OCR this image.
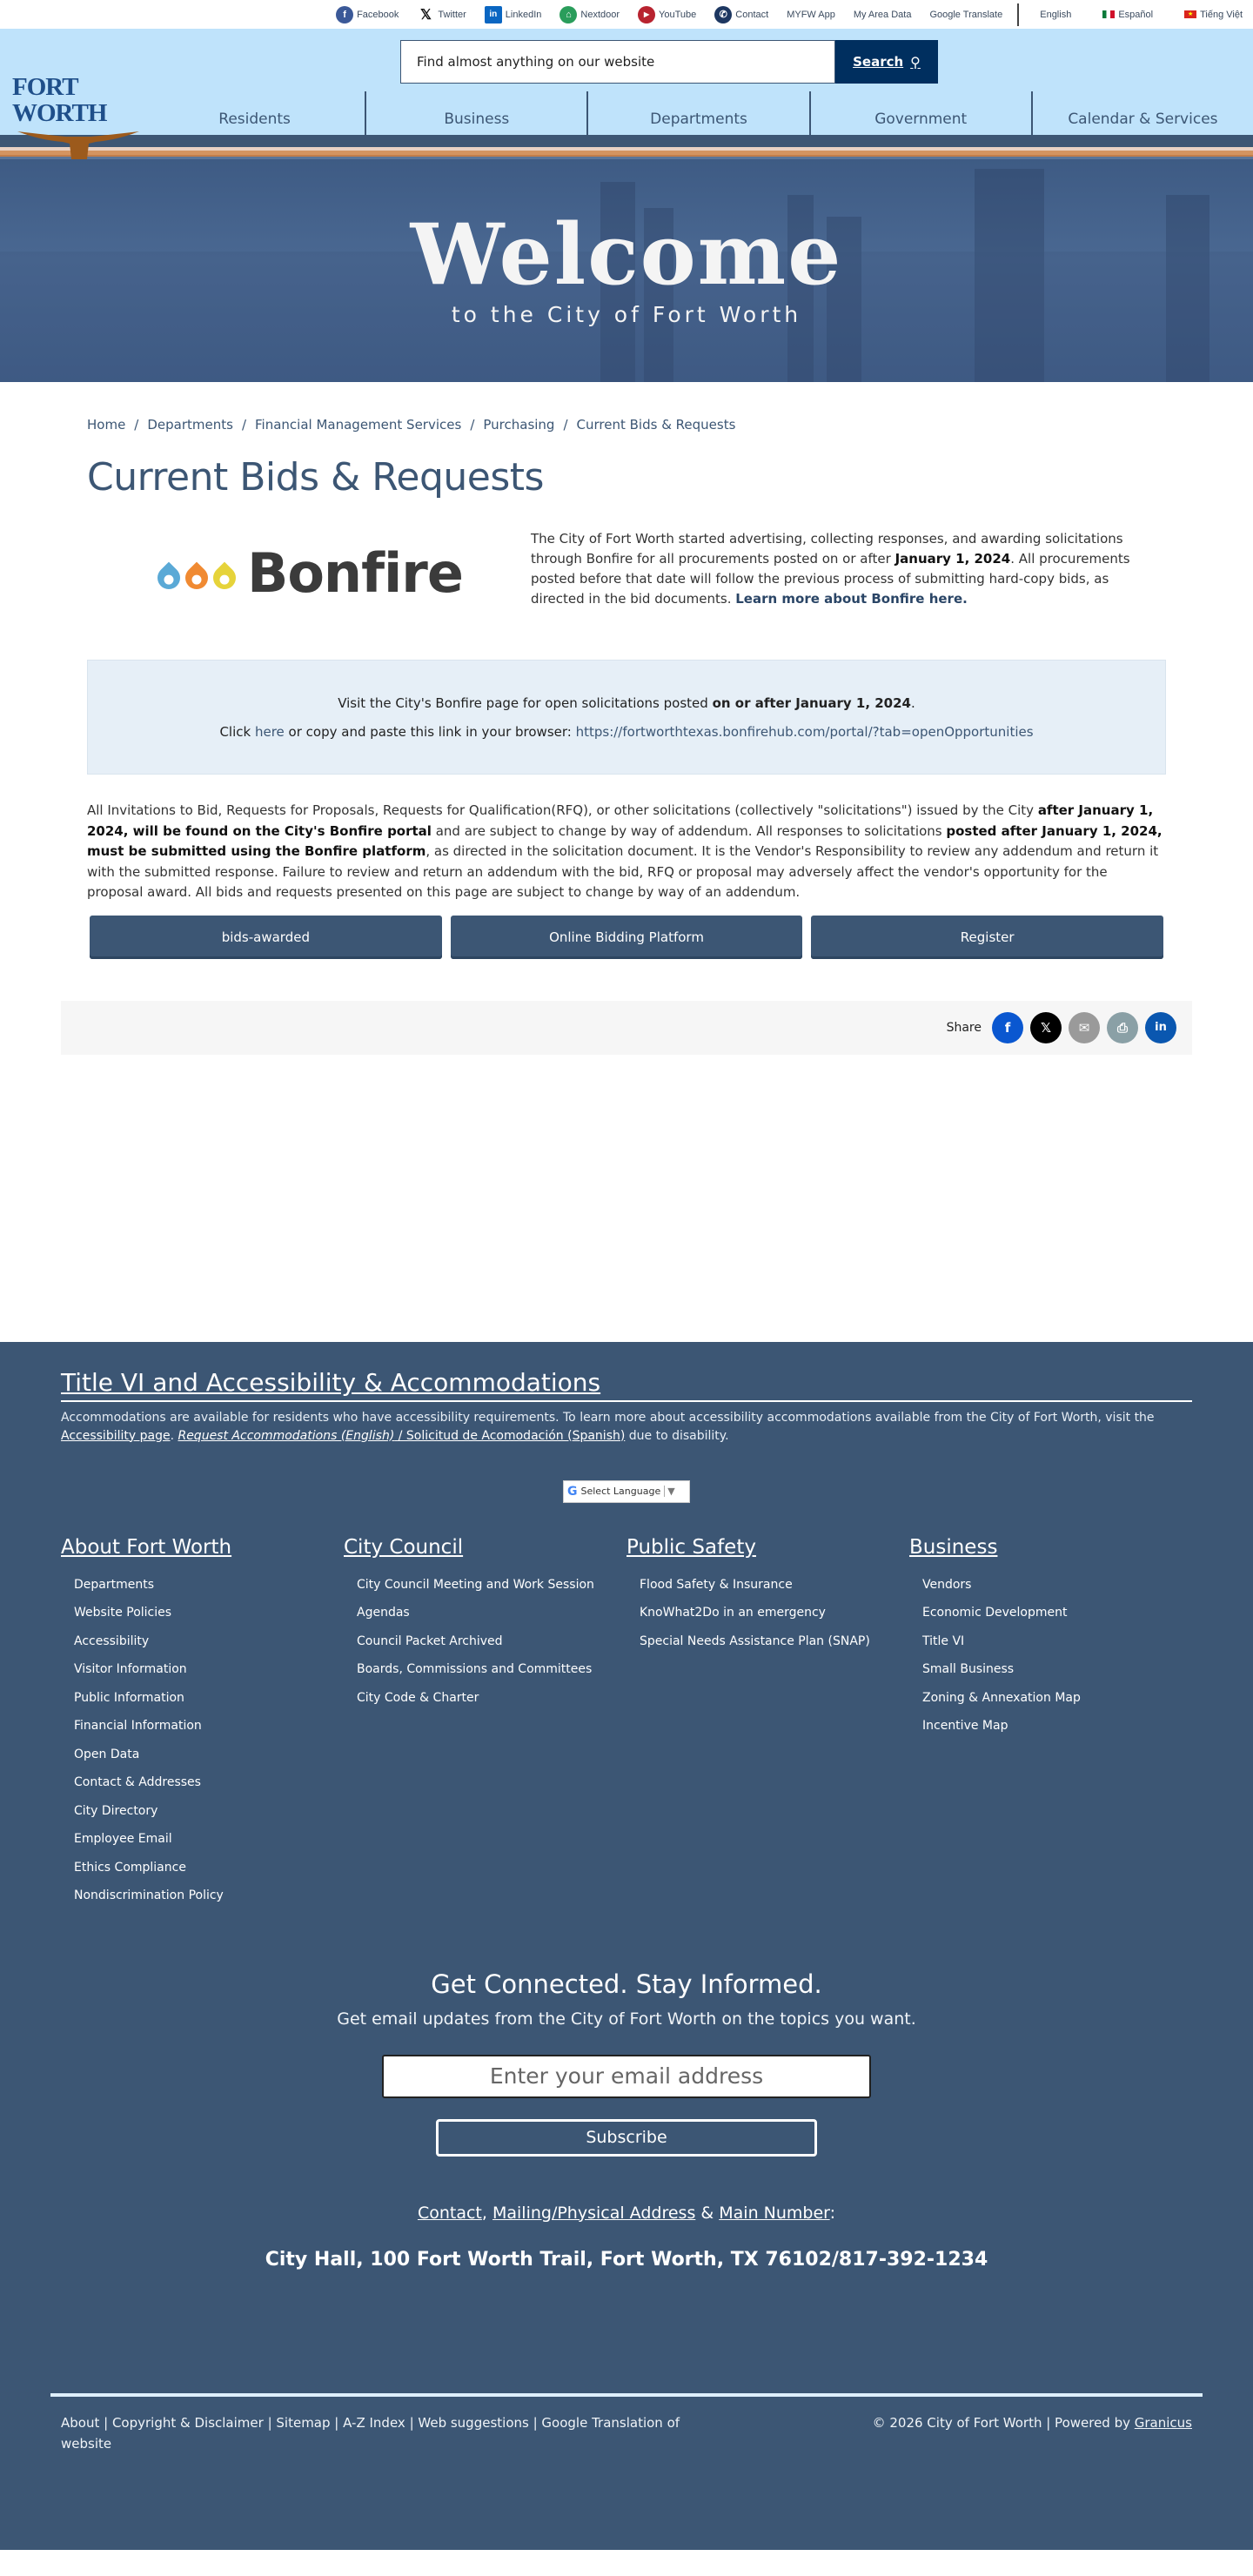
f	Facebook 𝕏 Twitter	in LinkedIn	⌂ Nextdoor	▶ YouTube	✆ Contact MYFW App My Area Data Google Translate	English	Español	★ Tiếng Việt
FORT WORTH
Find almost anything on our website
Search ⚲
Residents	Business	Departments	Government	Calendar & Services
Welcome
to the City of Fort Worth
Home / Departments / Financial Management Services / Purchasing / Current Bids & Requests
Current Bids & Requests
Bonfire

The City of Fort Worth started advertising, collecting responses, and awarding solicitations through Bonfire for all procurements posted on or after January 1, 2024. All procurements posted before that date will follow the previous process of submitting hard-copy bids, as directed in the bid documents. Learn more about Bonfire here.

Visit the City's Bonfire page for open solicitations posted on or after January 1, 2024.
Click here or copy and paste this link in your browser: https://fortworthtexas.bonfirehub.com/portal/?tab=openOpportunities

All Invitations to Bid, Requests for Proposals, Requests for Qualification(RFQ), or other solicitations (collectively "solicitations") issued by the City after January 1, 2024, will be found on the City's Bonfire portal and are subject to change by way of addendum. All responses to solicitations posted after January 1, 2024, must be submitted using the Bonfire platform, as directed in the solicitation document. It is the Vendor's Responsibility to review any addendum and return it with the submitted response. Failure to review and return an addendum with the bid, RFQ or proposal may adversely affect the vendor's opportunity for the proposal award. All bids and requests presented on this page are subject to change by way of an addendum.

bids-awarded	Online Bidding Platform	Register
Share	f	𝕏	✉	⎙	in
Title VI and Accessibility & Accommodations

Accommodations are available for residents who have accessibility requirements. To learn more about accessibility accommodations available from the City of Fort Worth, visit the Accessibility page. Request Accommodations (English) / Solicitud de Acomodación (Spanish) due to disability.

G Select Language ▼
About Fort Worth
Departments
Website Policies
Accessibility
Visitor Information
Public Information
Financial Information
Open Data
Contact & Addresses
City Directory
Employee Email
Ethics Compliance
Nondiscrimination Policy
City Council
City Council Meeting and Work Session
Agendas
Council Packet Archived
Boards, Commissions and Committees
City Code & Charter
Public Safety
Flood Safety & Insurance
KnoWhat2Do in an emergency
Special Needs Assistance Plan (SNAP)
Business
Vendors
Economic Development
Title VI
Small Business
Zoning & Annexation Map
Incentive Map
Get Connected. Stay Informed.
Get email updates from the City of Fort Worth on the topics you want.
Enter your email address
Subscribe
Contact, Mailing/Physical Address & Main Number:
City Hall, 100 Fort Worth Trail, Fort Worth, TX 76102/817-392-1234
About | Copyright & Disclaimer | Sitemap | A-Z Index | Web suggestions | Google Translation of website
© 2026 City of Fort Worth | Powered by Granicus
